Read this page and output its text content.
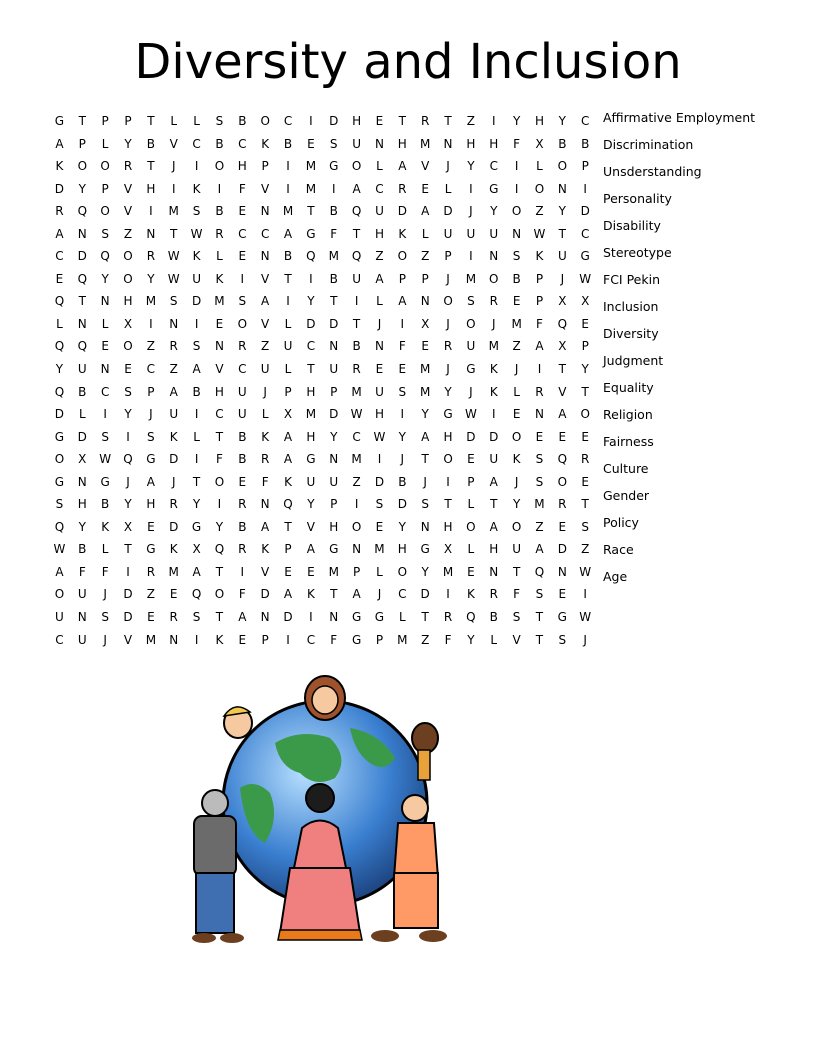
Diversity and Inclusion
G	T	P	P	T	L	L	S	B	O	C	I	D	H	E	T	R	T	Z	I	Y	H	Y	C
A	P	L	Y	B	V	C	B	C	K	B	E	S	U	N	H	M	N	H	H	F	X	B	B
K	O	O	R	T	J	I	O	H	P	I	M	G	O	L	A	V	J	Y	C	I	L	O	P
D	Y	P	V	H	I	K	I	F	V	I	M	I	A	C	R	E	L	I	G	I	O	N	I
R	Q	O	V	I	M	S	B	E	N	M	T	B	Q	U	D	A	D	J	Y	O	Z	Y	D
A	N	S	Z	N	T	W	R	C	C	A	G	F	T	H	K	L	U	U	U	N	W	T	C
C	D	Q	O	R	W	K	L	E	N	B	Q	M	Q	Z	O	Z	P	I	N	S	K	U	G
E	Q	Y	O	Y	W	U	K	I	V	T	I	B	U	A	P	P	J	M	O	B	P	J	W
Q	T	N	H	M	S	D	M	S	A	I	Y	T	I	L	A	N	O	S	R	E	P	X	X
L	N	L	X	I	N	I	E	O	V	L	D	D	T	J	I	X	J	O	J	M	F	Q	E
Q	Q	E	O	Z	R	S	N	R	Z	U	C	N	B	N	F	E	R	U	M	Z	A	X	P
Y	U	N	E	C	Z	A	V	C	U	L	T	U	R	E	E	M	J	G	K	J	I	T	Y
Q	B	C	S	P	A	B	H	U	J	P	H	P	M	U	S	M	Y	J	K	L	R	V	T
D	L	I	Y	J	U	I	C	U	L	X	M	D	W	H	I	Y	G	W	I	E	N	A	O
G	D	S	I	S	K	L	T	B	K	A	H	Y	C	W	Y	A	H	D	D	O	E	E	E
O	X	W	Q	G	D	I	F	B	R	A	G	N	M	I	J	T	O	E	U	K	S	Q	R
G	N	G	J	A	J	T	O	E	F	K	U	U	Z	D	B	J	I	P	A	J	S	O	E
S	H	B	Y	H	R	Y	I	R	N	Q	Y	P	I	S	D	S	T	L	T	Y	M	R	T
Q	Y	K	X	E	D	G	Y	B	A	T	V	H	O	E	Y	N	H	O	A	O	Z	E	S
W	B	L	T	G	K	X	Q	R	K	P	A	G	N	M	H	G	X	L	H	U	A	D	Z
A	F	F	I	R	M	A	T	I	V	E	E	M	P	L	O	Y	M	E	N	T	Q	N	W
O	U	J	D	Z	E	Q	O	F	D	A	K	T	A	J	C	D	I	K	R	F	S	E	I
U	N	S	D	E	R	S	T	A	N	D	I	N	G	G	L	T	R	Q	B	S	T	G	W
C	U	J	V	M	N	I	K	E	P	I	C	F	G	P	M	Z	F	Y	L	V	T	S	J
Affirmative Employment
Discrimination
Unsderstanding
Personality
Disability
Stereotype
FCI Pekin
Inclusion
Diversity
Judgment
Equality
Religion
Fairness
Culture
Gender
Policy
Race
Age
